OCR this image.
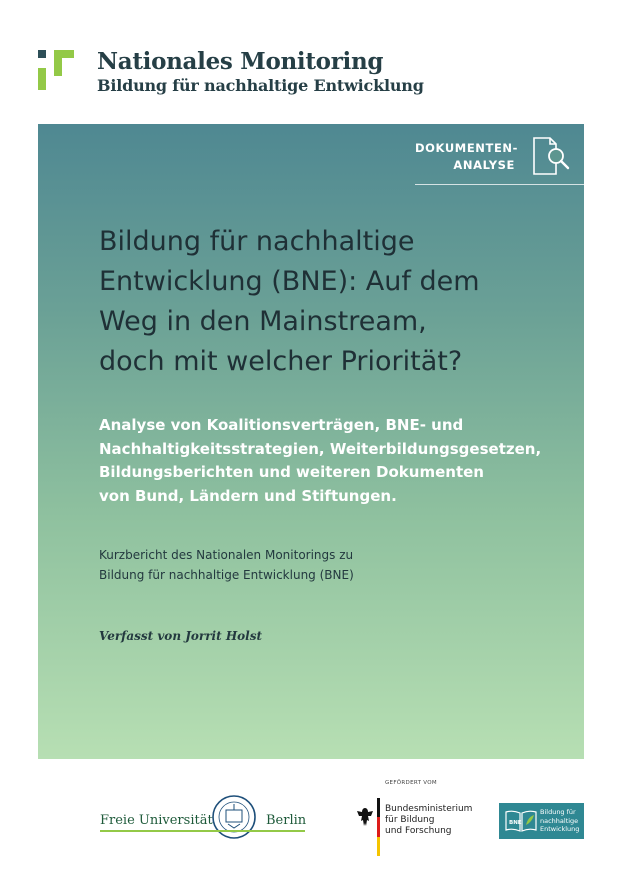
Nationales Monitoring
Bildung für nachhaltige Entwicklung
DOKUMENTEN-
ANALYSE
Bildung für nachhaltige
Entwicklung (BNE): Auf dem
Weg in den Mainstream,
doch mit welcher Priorität?
Analyse von Koalitionsverträgen, BNE- und
Nachhaltigkeitsstrategien, Weiterbildungsgesetzen,
Bildungsberichten und weiteren Dokumenten
von Bund, Ländern und Stiftungen.
Kurzbericht des Nationalen Monitorings zu
Bildung für nachhaltige Entwicklung (BNE)
Verfasst von Jorrit Holst
Freie Universität	Berlin
GEFÖRDERT VOM
Bundesministerium
für Bildung
und Forschung
BNE
Bildung für
nachhaltige
Entwicklung
